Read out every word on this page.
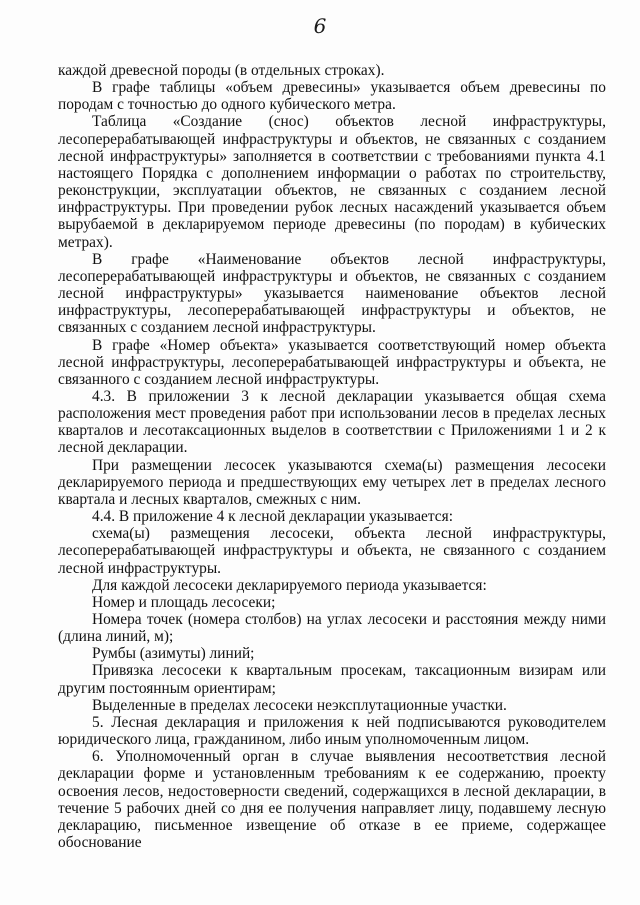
6

каждой древесной породы (в отдельных строках).

В графе таблицы «объем древесины» указывается объем древесины по породам с точностью до одного кубического метра.

Таблица «Создание (снос) объектов лесной инфраструктуры, лесоперерабатывающей инфраструктуры и объектов, не связанных с созданием лесной инфраструктуры» заполняется в соответствии с требованиями пункта 4.1 настоящего Порядка с дополнением информации о работах по строительству, реконструкции, эксплуатации объектов, не связанных с созданием лесной инфраструктуры. При проведении рубок лесных насаждений указывается объем вырубаемой в декларируемом периоде древесины (по породам) в кубических метрах).

В графе «Наименование объектов лесной инфраструктуры, лесоперерабатывающей инфраструктуры и объектов, не связанных с созданием лесной инфраструктуры» указывается наименование объектов лесной инфраструктуры, лесоперерабатывающей инфраструктуры и объектов, не связанных с созданием лесной инфраструктуры.

В графе «Номер объекта» указывается соответствующий номер объекта лесной инфраструктуры, лесоперерабатывающей инфраструктуры и объекта, не связанного с созданием лесной инфраструктуры.

4.3. В приложении 3 к лесной декларации указывается общая схема расположения мест проведения работ при использовании лесов в пределах лесных кварталов и лесотаксационных выделов в соответствии с Приложениями 1 и 2 к лесной декларации.

При размещении лесосек указываются схема(ы) размещения лесосеки декларируемого периода и предшествующих ему четырех лет в пределах лесного квартала и лесных кварталов, смежных с ним.

4.4. В приложение 4 к лесной декларации указывается:

схема(ы) размещения лесосеки, объекта лесной инфраструктуры, лесоперерабатывающей инфраструктуры и объекта, не связанного с созданием лесной инфраструктуры.

Для каждой лесосеки декларируемого периода указывается:

Номер и площадь лесосеки;

Номера точек (номера столбов) на углах лесосеки и расстояния между ними (длина линий, м);

Румбы (азимуты) линий;

Привязка лесосеки к квартальным просекам, таксационным визирам или другим постоянным ориентирам;

Выделенные в пределах лесосеки неэксплутационные участки.

5. Лесная декларация и приложения к ней подписываются руководителем юридического лица, гражданином, либо иным уполномоченным лицом.

6. Уполномоченный орган в случае выявления несоответствия лесной декларации форме и установленным требованиям к ее содержанию, проекту освоения лесов, недостоверности сведений, содержащихся в лесной декларации, в течение 5 рабочих дней со дня ее получения направляет лицу, подавшему лесную декларацию, письменное извещение об отказе в ее приеме, содержащее обоснование
